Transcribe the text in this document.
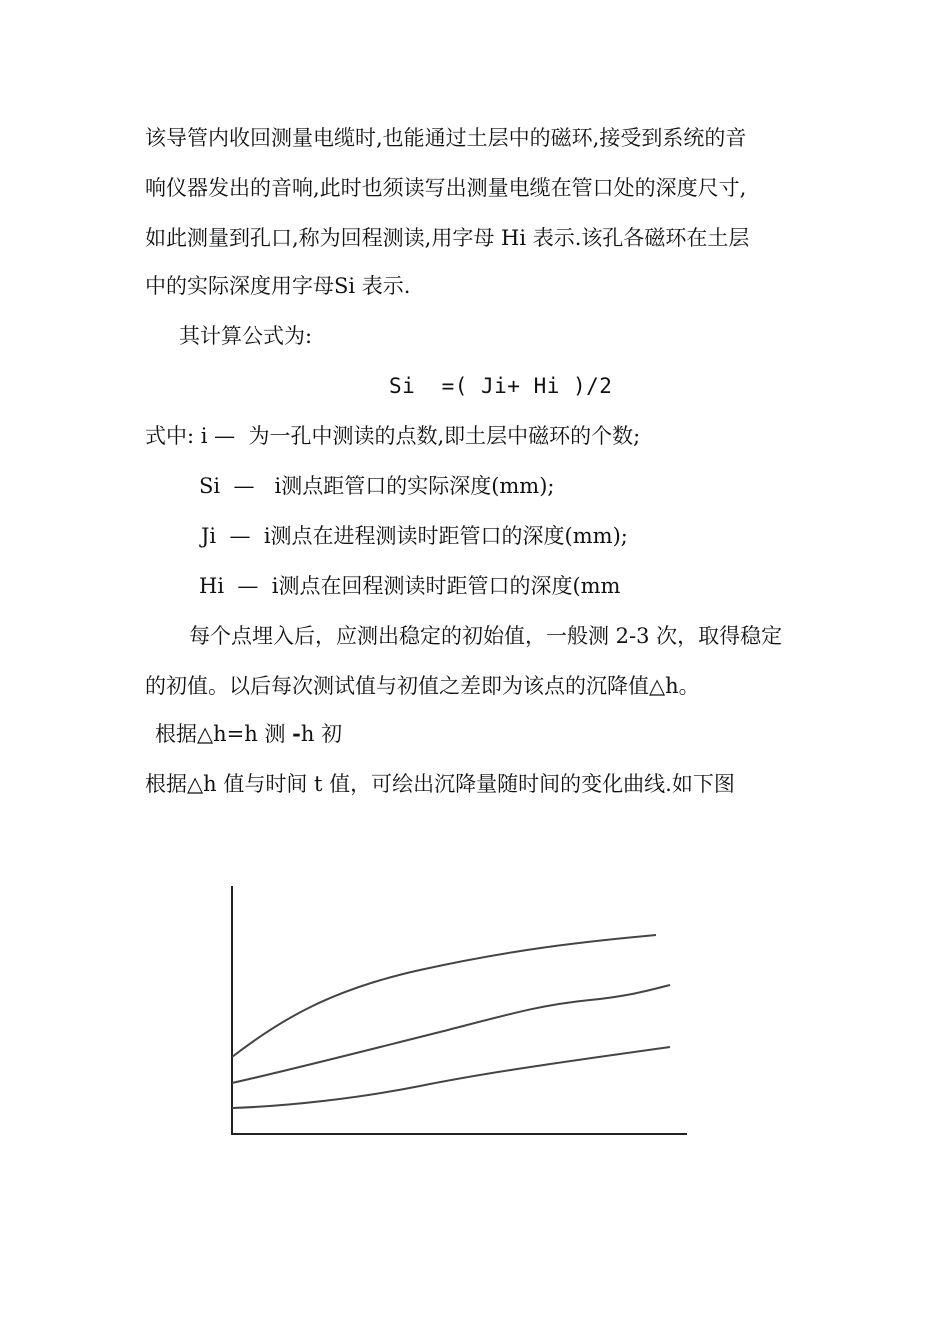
该导管内收回测量电缆时,也能通过土层中的磁环,接受到系统的音
响仪器发出的音响,此时也须读写出测量电缆在管口处的深度尺寸,
如此测量到孔口,称为回程测读,用字母 Hi 表示.该孔各磁环在土层
中的实际深度用字母Si 表示.
其计算公式为:
Si  =( Ji+ Hi )/2
式中: i —  为一孔中测读的点数,即土层中磁环的个数;
Si  —   i测点距管口的实际深度(mm);
Ji  —  i测点在进程测读时距管口的深度(mm);
Hi  —  i测点在回程测读时距管口的深度(mm
每个点埋入后，应测出稳定的初始值，一般测 2-3 次，取得稳定
的初值。以后每次测试值与初值之差即为该点的沉降值△h。
根据△h=h 测 -h 初
根据△h 值与时间 t 值，可绘出沉降量随时间的变化曲线.如下图
